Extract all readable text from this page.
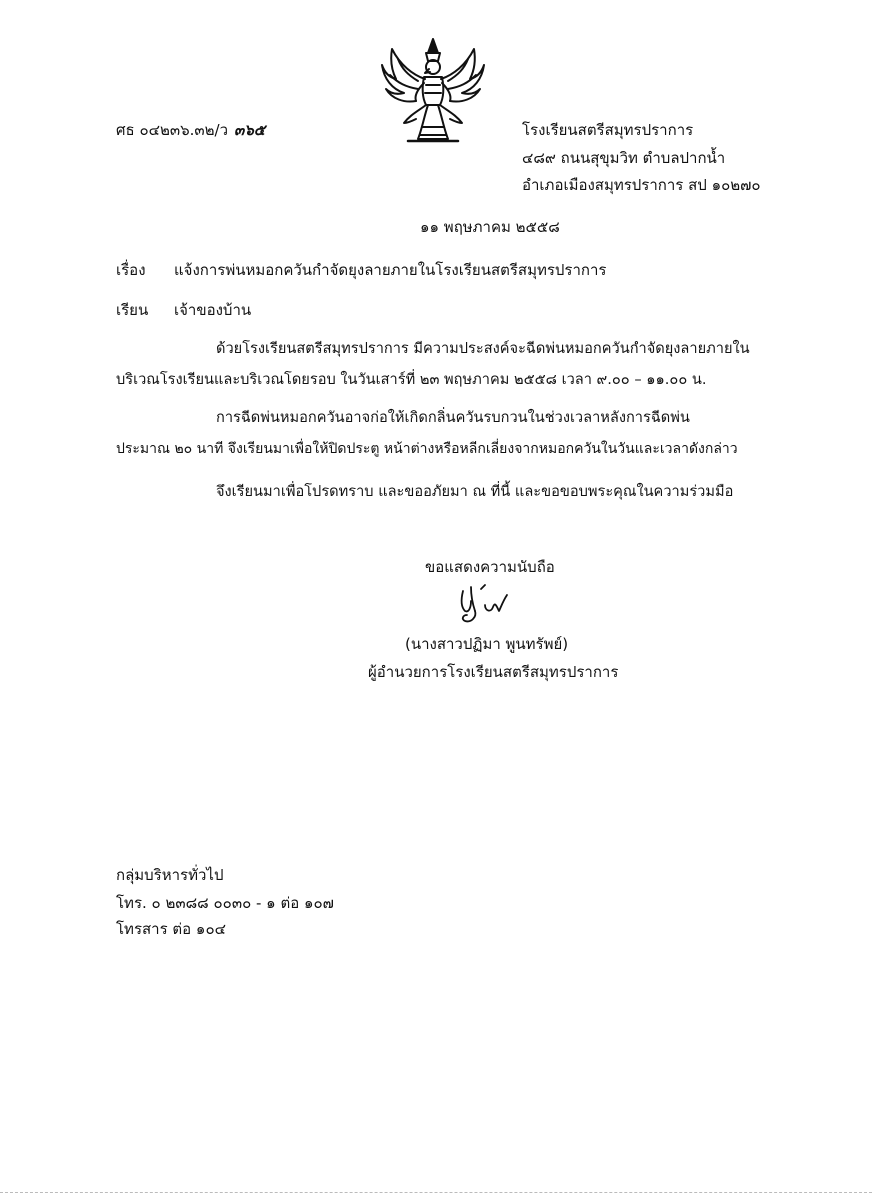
ศธ ๐๔๒๓๖.๓๒/ว ๓๖๕	โรงเรียนสตรีสมุทรปราการ
๔๘๙ ถนนสุขุมวิท ตำบลปากน้ำ
อำเภอเมืองสมุทรปราการ สป ๑๐๒๗๐
๑๑ พฤษภาคม ๒๕๕๘
เรื่อง แจ้งการพ่นหมอกควันกำจัดยุงลายภายในโรงเรียนสตรีสมุทรปราการ
เรียน เจ้าของบ้าน
ด้วยโรงเรียนสตรีสมุทรปราการ มีความประสงค์จะฉีดพ่นหมอกควันกำจัดยุงลายภายใน
บริเวณโรงเรียนและบริเวณโดยรอบ ในวันเสาร์ที่ ๒๓ พฤษภาคม ๒๕๕๘ เวลา ๙.๐๐ – ๑๑.๐๐ น.
การฉีดพ่นหมอกควันอาจก่อให้เกิดกลิ่นควันรบกวนในช่วงเวลาหลังการฉีดพ่น
ประมาณ ๒๐ นาที จึงเรียนมาเพื่อให้ปิดประตู หน้าต่างหรือหลีกเลี่ยงจากหมอกควันในวันและเวลาดังกล่าว
จึงเรียนมาเพื่อโปรดทราบ และขออภัยมา ณ ที่นี้ และขอขอบพระคุณในความร่วมมือ
ขอแสดงความนับถือ
(นางสาวปฏิมา พูนทรัพย์)
ผู้อำนวยการโรงเรียนสตรีสมุทรปราการ
กลุ่มบริหารทั่วไป
โทร. ๐ ๒๓๘๘ ๐๐๓๐ - ๑ ต่อ ๑๐๗
โทรสาร ต่อ ๑๐๔
